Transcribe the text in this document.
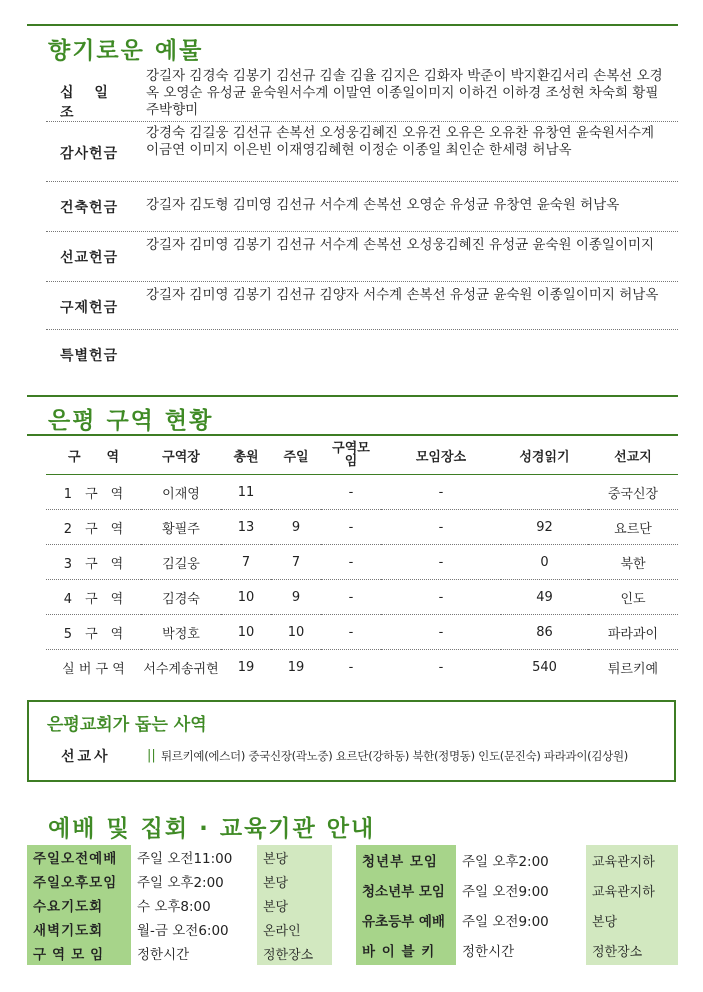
향기로운 예물
십 일 조
강길자 김경숙 김봉기 김선규 김솔 김율 김지은 김화자 박준이 박지환김서리 손복선 오경옥 오영순 유성균 윤숙원서수계 이말연 이종일이미지 이하건 이하경 조성현 차숙희 황필주박향미
감사헌금
강경숙 김길웅 김선규 손복선 오성웅김혜진 오유건 오유은 오유찬 유창연 윤숙원서수계 이금연 이미지 이은빈 이재영김혜현 이정순 이종일 최인순 한세령 허남옥
건축헌금	강길자 김도형 김미영 김선규 서수계 손복선 오영순 유성균 유창연 윤숙원 허남옥
선교헌금
강길자 김미영 김봉기 김선규 서수계 손복선 오성웅김혜진 유성균 윤숙원 이종일이미지
구제헌금
강길자 김미영 김봉기 김선규 김양자 서수계 손복선 유성균 윤숙원 이종일이미지 허남옥
특별헌금
은평 구역 현황
구　　역	구역장	총원	주일	구역모임	모임장소	성경읽기	선교지
1　구　역	이재영	11		-	-		중국신장
2　구　역	황필주	13	9	-	-	92	요르단
3　구　역	김길웅	7	7	-	-	0	북한
4　구　역	김경숙	10	9	-	-	49	인도
5　구　역	박정호	10	10	-	-	86	파라과이
실 버 구 역	서수계송귀현	19	19	-	-	540	튀르키예
은평교회가 돕는 사역
선교사	|| 튀르키예(에스더) 중국신장(곽노중) 요르단(강하동) 북한(정명동) 인도(문진숙) 파라과이(김상원)
예배 및 집회 · 교육기관 안내
주일오전예배	주일 오전11:00	본당
주일오후모임	주일 오후2:00	본당
수요기도회	수 오후8:00	본당
새벽기도회	월-금 오전6:00	온라인
구역모임	정한시간	정한장소
청년부 모임	주일 오후2:00	교육관지하
청소년부 모임	주일 오전9:00	교육관지하
유초등부 예배	주일 오전9:00	본당
바 이 블 키	정한시간	정한장소
